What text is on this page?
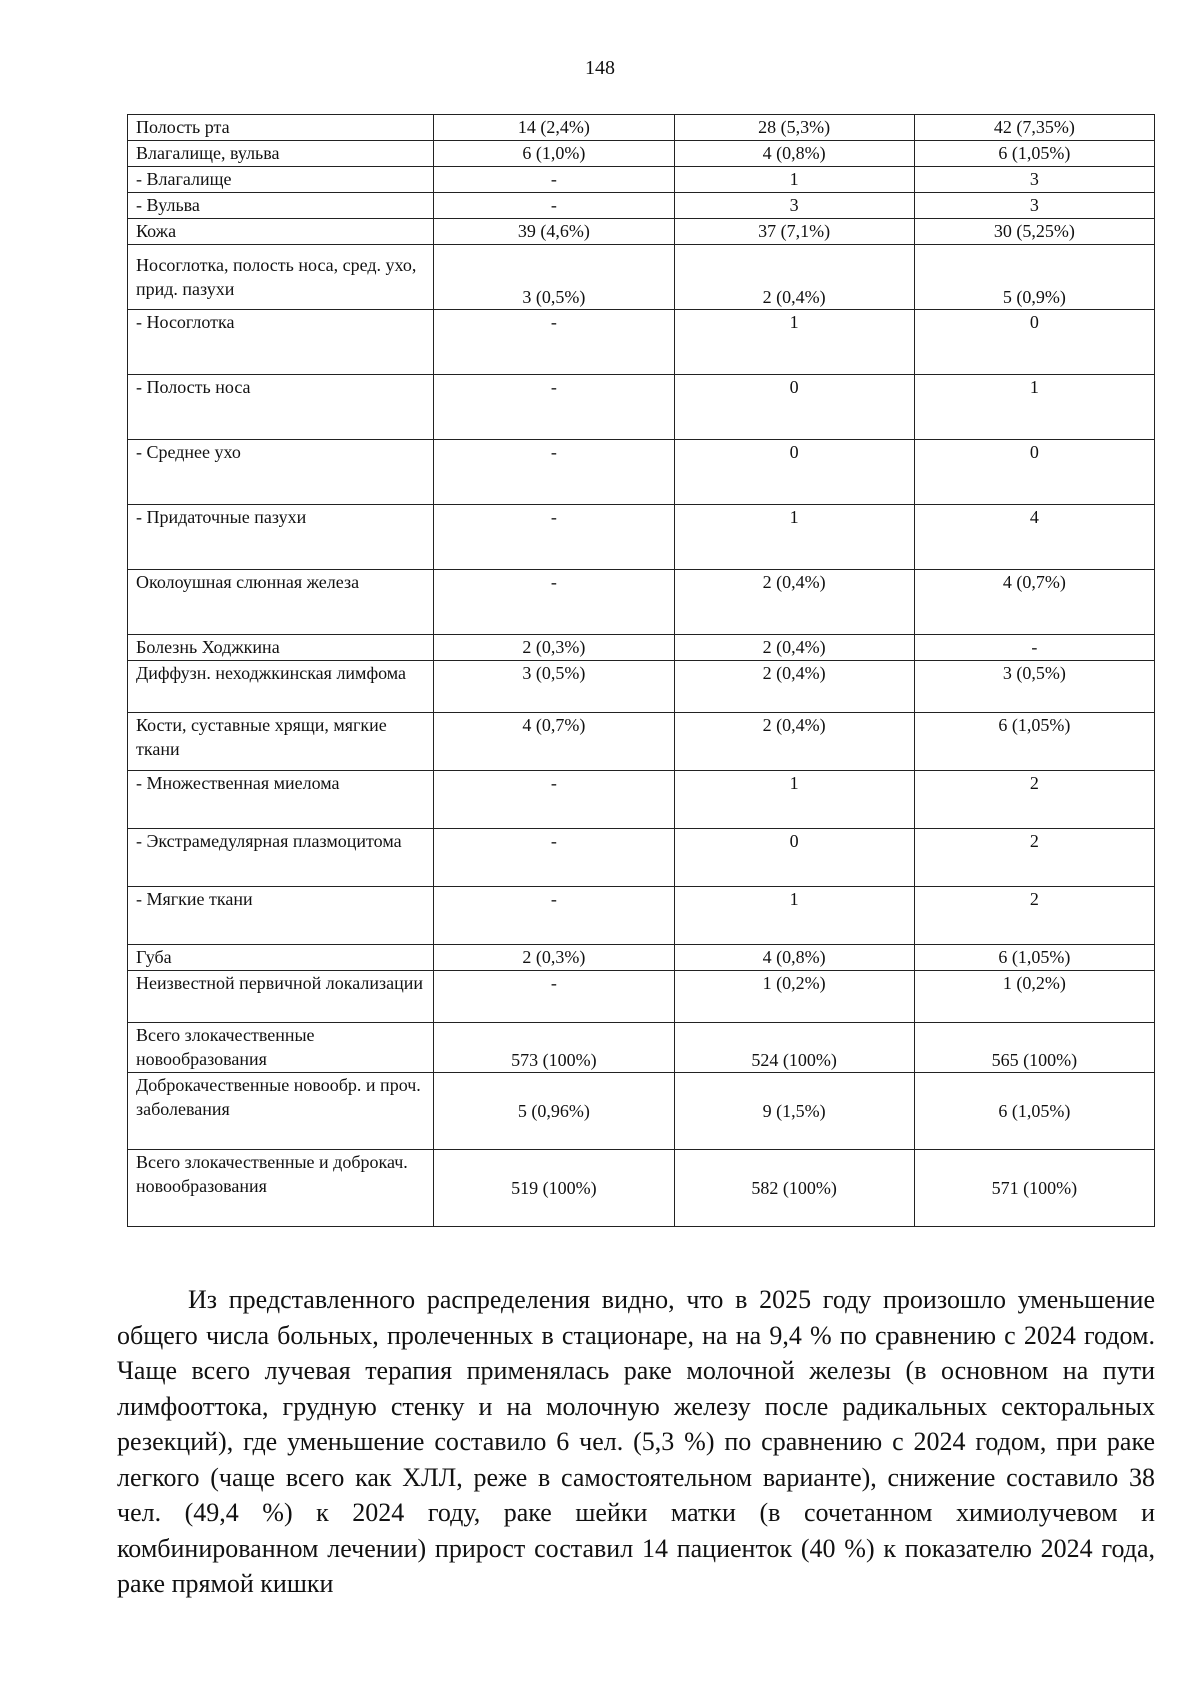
148
Полость рта	14 (2,4%)	28 (5,3%)	42 (7,35%)
Влагалище, вульва	6 (1,0%)	4 (0,8%)	6 (1,05%)
- Влагалище	-	1	3
- Вульва	-	3	3
Кожа	39 (4,6%)	37 (7,1%)	30 (5,25%)
Носоглотка, полость носа, сред. ухо, прид. пазухи	3 (0,5%)	2 (0,4%)	5 (0,9%)
- Носоглотка	-	1	0
- Полость носа	-	0	1
- Среднее ухо	-	0	0
- Придаточные пазухи	-	1	4
Околоушная слюнная железа	-	2 (0,4%)	4 (0,7%)
Болезнь Ходжкина	2 (0,3%)	2 (0,4%)	-
Диффузн. неходжкинская лимфома	3 (0,5%)	2 (0,4%)	3 (0,5%)
Кости, суставные хрящи, мягкие ткани	4 (0,7%)	2 (0,4%)	6 (1,05%)
- Множественная миелома	-	1	2
- Экстрамедулярная плазмоцитома	-	0	2
- Мягкие ткани	-	1	2
Губа	2 (0,3%)	4 (0,8%)	6 (1,05%)
Неизвестной первичной локализации	-	1 (0,2%)	1 (0,2%)
Всего злокачественные новообразования	573 (100%)	524 (100%)	565 (100%)
Доброкачественные новообр. и проч. заболевания	5 (0,96%)	9 (1,5%)	6 (1,05%)
Всего злокачественные и доброкач. новообразования	519 (100%)	582 (100%)	571 (100%)

Из представленного распределения видно, что в 2025 году произошло уменьшение общего числа больных, пролеченных в стационаре, на на 9,4 % по сравнению с 2024 годом. Чаще всего лучевая терапия применялась раке молочной железы (в основном на пути лимфооттока, грудную стенку и на молочную железу после радикальных секторальных резекций), где уменьшение составило 6 чел. (5,3 %) по сравнению с 2024 годом, при раке легкого (чаще всего как ХЛЛ, реже в самостоятельном варианте), снижение составило 38 чел. (49,4 %) к 2024 году, раке шейки матки (в сочетанном химиолучевом и комбинированном лечении) прирост составил 14 пациенток (40 %) к показателю 2024 года, раке прямой кишки
